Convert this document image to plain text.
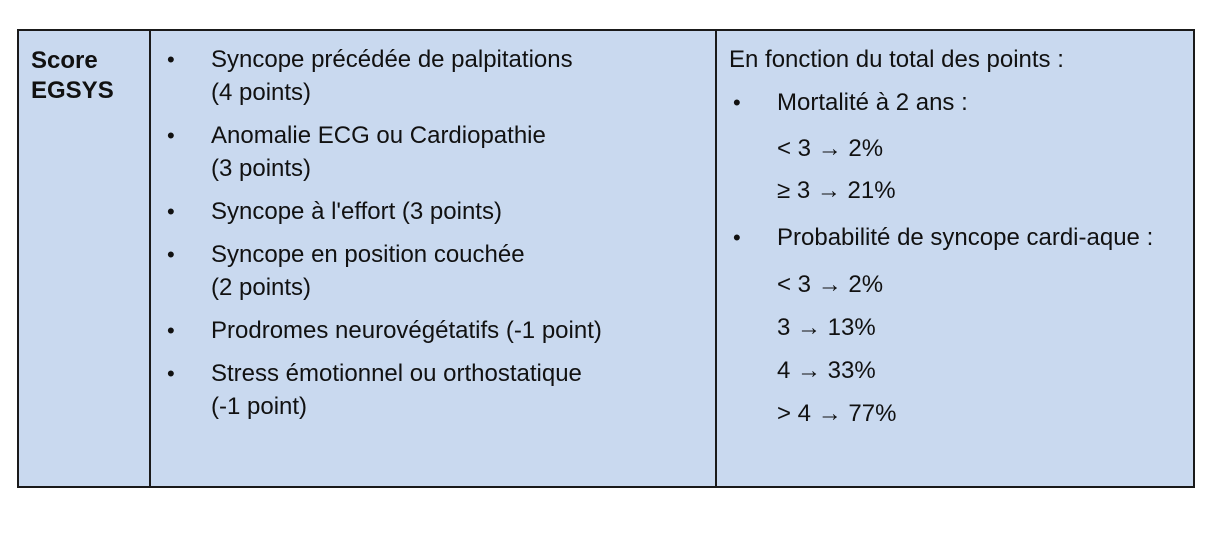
Score
EGSYS
• Syncope précédée de palpitations
(4 points)
• Anomalie ECG ou Cardiopathie
(3 points)
• Syncope à l'effort (3 points)
• Syncope en position couchée
(2 points)
• Prodromes neurovégétatifs (-1 point)
• Stress émotionnel ou orthostatique
(-1 point)
En fonction du total des points :
• Mortalité à 2 ans :
< 3 → 2%
≥ 3 → 21%
• Probabilité de syncope cardi-aque :
< 3 → 2%
3 → 13%
4 → 33%
> 4 → 77%
